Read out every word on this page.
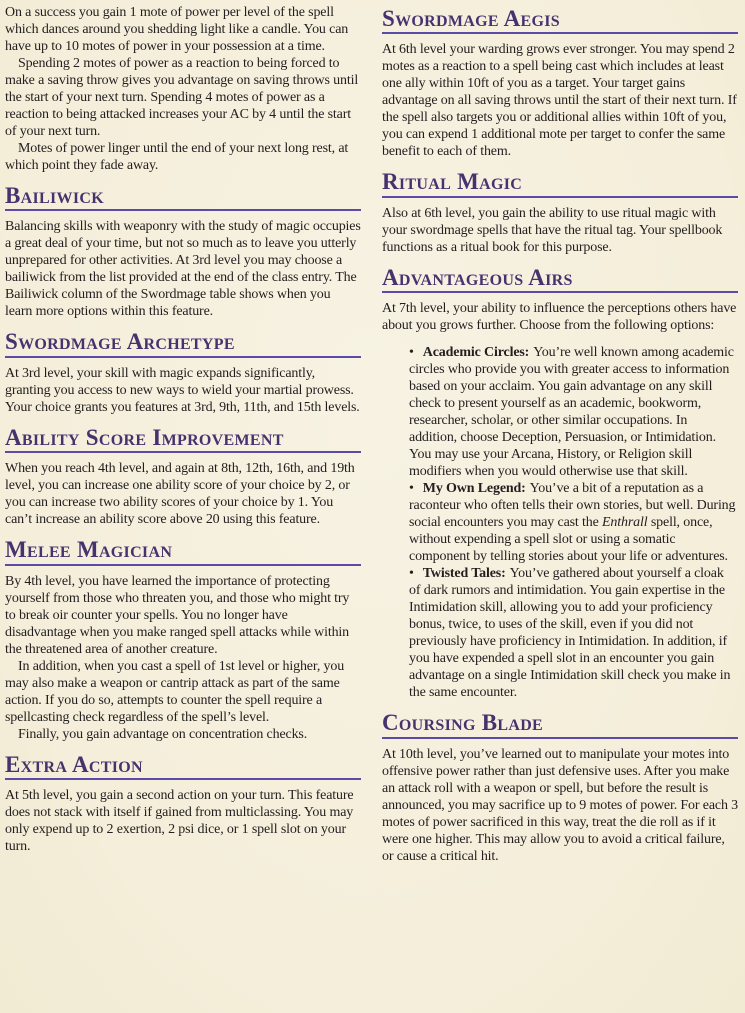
On a success you gain 1 mote of power per level of the spell which dances around you shedding light like a candle. You can have up to 10 motes of power in your possession at a time.

Spending 2 motes of power as a reaction to being forced to make a saving throw gives you advantage on saving throws until the start of your next turn. Spending 4 motes of power as a reaction to being attacked increases your AC by 4 until the start of your next turn.

Motes of power linger until the end of your next long rest, at which point they fade away.

Bailiwick

Balancing skills with weaponry with the study of magic occupies a great deal of your time, but not so much as to leave you utterly unprepared for other activities. At 3rd level you may choose a bailiwick from the list provided at the end of the class entry. The Bailiwick column of the Swordmage table shows when you learn more options within this feature.

Swordmage Archetype

At 3rd level, your skill with magic expands significantly, granting you access to new ways to wield your martial prowess. Your choice grants you features at 3rd, 9th, 11th, and 15th levels.

Ability Score Improvement

When you reach 4th level, and again at 8th, 12th, 16th, and 19th level, you can increase one ability score of your choice by 2, or you can increase two ability scores of your choice by 1. You can’t increase an ability score above 20 using this feature.

Melee Magician

By 4th level, you have learned the importance of protecting yourself from those who threaten you, and those who might try to break oir counter your spells. You no longer have disadvantage when you make ranged spell attacks while within the threatened area of another creature.

In addition, when you cast a spell of 1st level or higher, you may also make a weapon or cantrip attack as part of the same action. If you do so, attempts to counter the spell require a spellcasting check regardless of the spell’s level.

Finally, you gain advantage on concentration checks.

Extra Action

At 5th level, you gain a second action on your turn. This feature does not stack with itself if gained from multiclassing. You may only expend up to 2 exertion, 2 psi dice, or 1 spell slot on your turn.

Swordmage Aegis

At 6th level your warding grows ever stronger. You may spend 2 motes as a reaction to a spell being cast which includes at least one ally within 10ft of you as a target. Your target gains advantage on all saving throws until the start of their next turn. If the spell also targets you or additional allies within 10ft of you, you can expend 1 additional mote per target to confer the same benefit to each of them.

Ritual Magic

Also at 6th level, you gain the ability to use ritual magic with your swordmage spells that have the ritual tag. Your spellbook functions as a ritual book for this purpose.

Advantageous Airs

At 7th level, your ability to influence the perceptions others have about you grows further. Choose from the following options:

• Academic Circles: You’re well known among academic circles who provide you with greater access to information based on your acclaim. You gain advantage on any skill check to present yourself as an academic, bookworm, researcher, scholar, or other similar occupations. In addition, choose Deception, Persuasion, or Intimidation. You may use your Arcana, History, or Religion skill modifiers when you would otherwise use that skill.
• My Own Legend: You’ve a bit of a reputation as a raconteur who often tells their own stories, but well. During social encounters you may cast the Enthrall spell, once, without expending a spell slot or using a somatic component by telling stories about your life or adventures.
• Twisted Tales: You’ve gathered about yourself a cloak of dark rumors and intimidation. You gain expertise in the Intimidation skill, allowing you to add your proficiency bonus, twice, to uses of the skill, even if you did not previously have proficiency in Intimidation. In addition, if you have expended a spell slot in an encounter you gain advantage on a single Intimidation skill check you make in the same encounter.
Coursing Blade

At 10th level, you’ve learned out to manipulate your motes into offensive power rather than just defensive uses. After you make an attack roll with a weapon or spell, but before the result is announced, you may sacrifice up to 9 motes of power. For each 3 motes of power sacrificed in this way, treat the die roll as if it were one higher. This may allow you to avoid a critical failure, or cause a critical hit.
